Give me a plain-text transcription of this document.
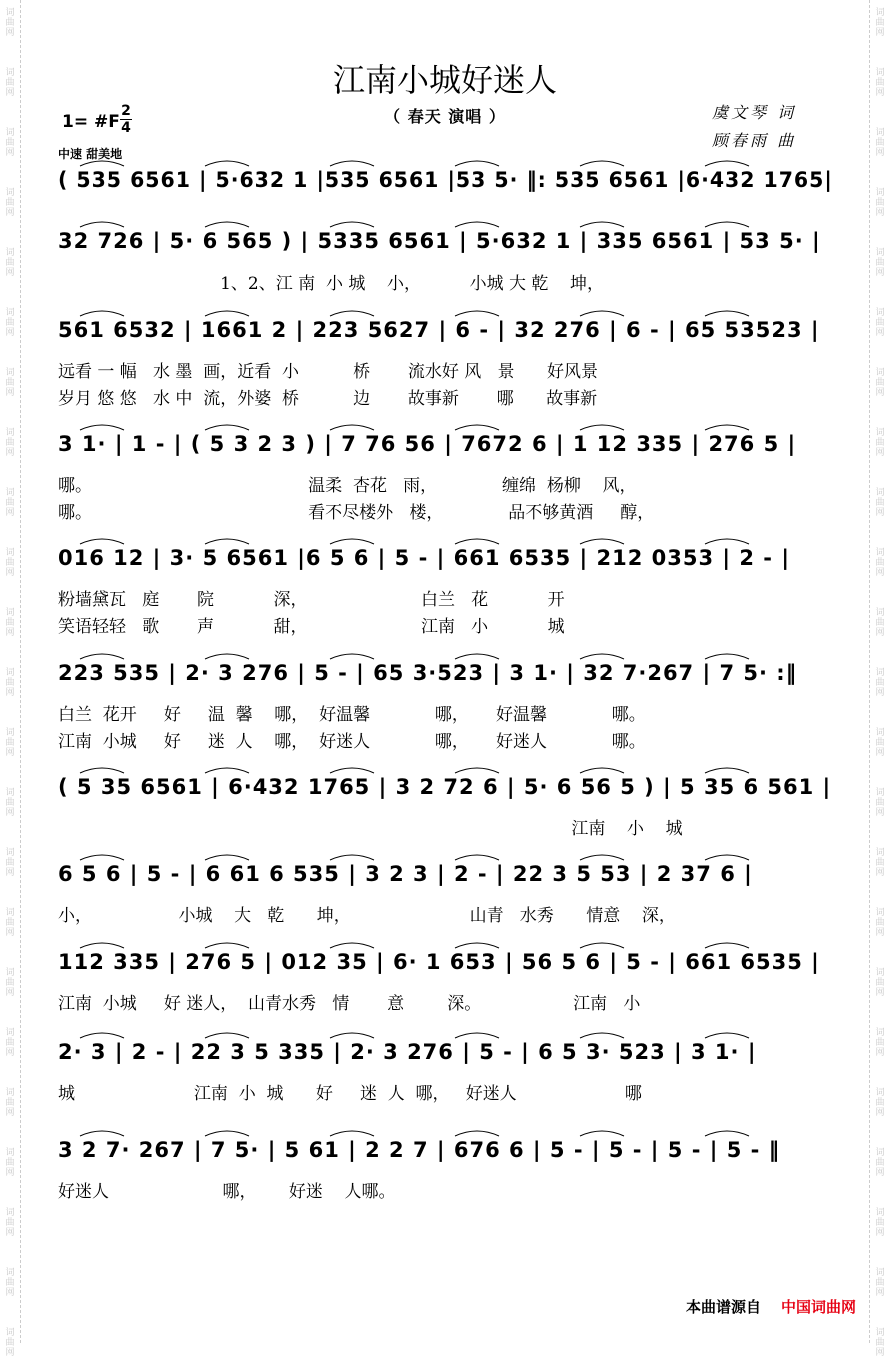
江南小城好迷人
（ 春天 演唱 ）
1= #F
2
4
中速 甜美地
虞文琴 词
顾春雨 曲
( 535 6561 | 5·632 1 |535 6561 |53 5· ‖: 535 6561 |6·432 1765|
32 726 | 5· 6 565 ) | 5335 6561 | 5·632 1 | 335 6561 | 53 5· |
1、2、江 南  小 城    小，         小城 大 乾    坤，
561 6532 | 1661 2 | 223 5627 | 6 - | 32 276 | 6 - | 65 53523 |
远看 一 幅   水 墨  画，近看  小          桥       流水好 风   景      好风景
岁月 悠 悠   水 中  流，外婆  桥          边       故事新       哪      故事新
3 1· | 1 - | ( 5 3 2 3 ) | 7 76 56 | 7672 6 | 1 12 335 | 276 5 |
哪。                                        温柔  杏花   雨，            缠绵  杨柳    风，
哪。                                        看不尽楼外   楼，            品不够黄酒     醇，
016 12 | 3· 5 6561 |6 5 6 | 5 - | 661 6535 | 212 0353 | 2 - |
粉墙黛瓦   庭       院           深，                     白兰   花           开
笑语轻轻   歌       声           甜，                     江南   小           城
223 535 | 2· 3 276 | 5 - | 65 3·523 | 3 1· | 32 7·267 | 7 5· :‖
白兰  花开     好     温  馨    哪，  好温馨            哪，     好温馨            哪。
江南  小城     好     迷  人    哪，  好迷人            哪，     好迷人            哪。
( 5 35 6561 | 6·432 1765 | 3 2 72 6 | 5· 6 56 5 ) | 5 35 6 561 |
江南    小    城
6 5 6 | 5 - | 6 61 6 535 | 3 2 3 | 2 - | 22 3 5 53 | 2 37 6 |
小，                小城    大   乾      坤，                      山青   水秀      情意    深，
112 335 | 276 5 | 012 35 | 6· 1 653 | 56 5 6 | 5 - | 661 6535 |
江南  小城     好 迷人，  山青水秀   情       意        深。                 江南   小
2· 3 | 2 - | 22 3 5 335 | 2· 3 276 | 5 - | 6 5 3· 523 | 3 1· |
城                      江南  小  城      好     迷  人  哪，   好迷人                    哪
3 2 7· 267 | 7 5· | 5 61 | 2 2 7 | 676 6 | 5 - | 5 - | 5 - | 5 - ‖
好迷人                     哪，      好迷    人哪。
本曲谱源自 中国词曲网
词
曲
网
词
曲
网
词
曲
网
词
曲
网
词
曲
网
词
曲
网
词
曲
网
词
曲
网
词
曲
网
词
曲
网
词
曲
网
词
曲
网
词
曲
网
词
曲
网
词
曲
网
词
曲
网
词
曲
网
词
曲
网
词
曲
网
词
曲
网
词
曲
网
词
曲
网
词
曲
网
词
曲
网
词
曲
网
词
曲
网
词
曲
网
词
曲
网
词
曲
网
词
曲
网
词
曲
网
词
曲
网
词
曲
网
词
曲
网
词
曲
网
词
曲
网
词
曲
网
词
曲
网
词
曲
网
词
曲
网
词
曲
网
词
曲
网
词
曲
网
词
曲
网
词
曲
网
词
曲
网
